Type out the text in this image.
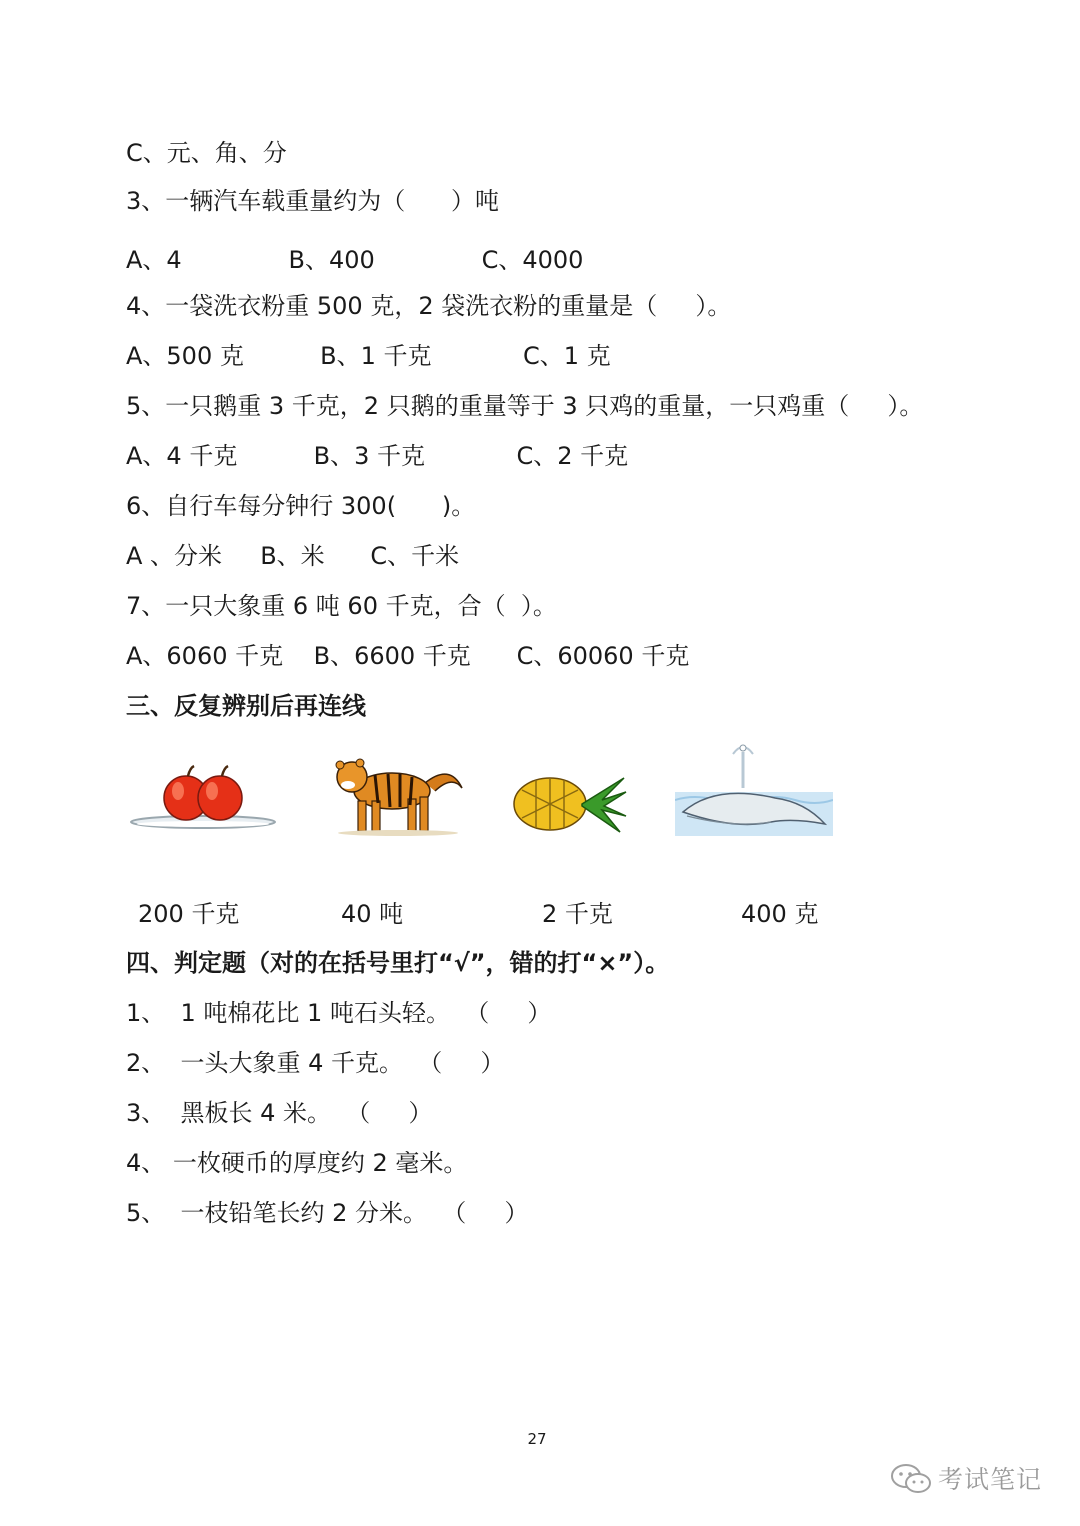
C、元、角、分
3、一辆汽车载重量约为（      ）吨
A、4              B、400              C、4000
4、一袋洗衣粉重 500 克，2 袋洗衣粉的重量是（     ）。
A、500 克          B、1 千克            C、1 克
5、一只鹅重 3 千克，2 只鹅的重量等于 3 只鸡的重量，一只鸡重（     ）。
A、4 千克          B、3 千克            C、2 千克
6、自行车每分钟行 300(      )。
A 、分米     B、米      C、千米
7、一只大象重 6 吨 60 千克，合（  ）。
A、6060 千克    B、6600 千克      C、60060 千克
三、反复辨别后再连线
200 千克	40 吨	2 千克	400 克
四、判定题（对的在括号里打“√”，错的打“×”）。
1、  1 吨棉花比 1 吨石头轻。  （     ）
2、  一头大象重 4 千克。  （     ）
3、  黑板长 4 米。  （     ）
4、 一枚硬币的厚度约 2 毫米。
5、  一枝铅笔长约 2 分米。  （     ）
27
考试笔记
